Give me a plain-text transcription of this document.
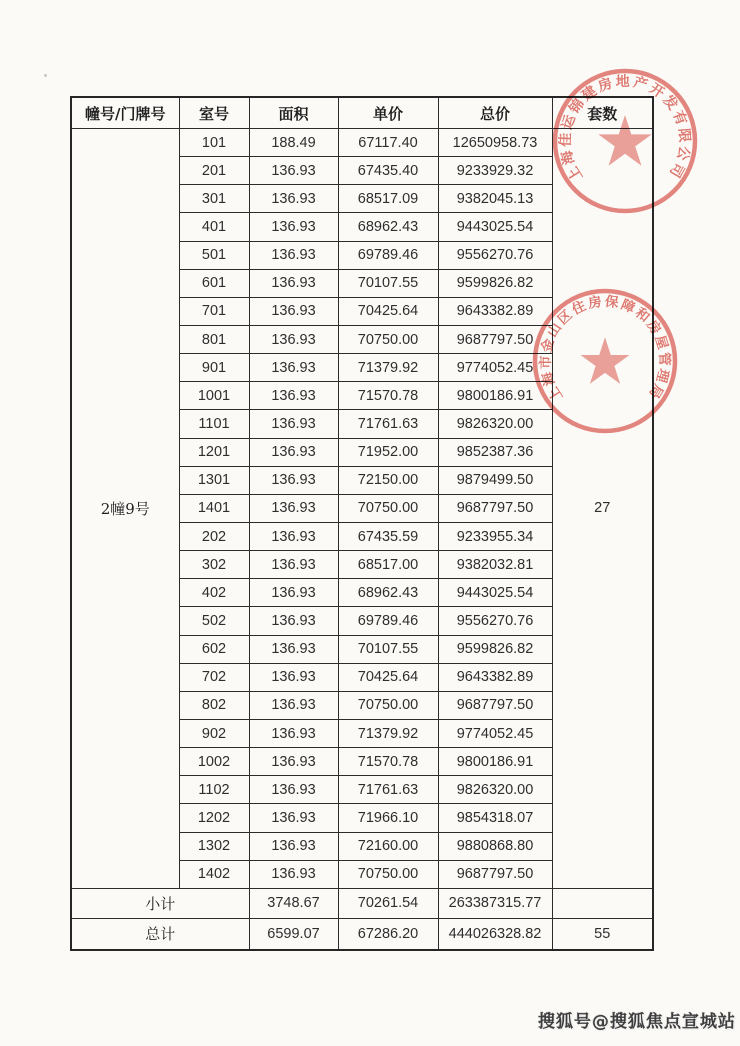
幢号/门牌号	室号	面积	单价	总价	套数
2幢9号	101	188.49	67117.40	12650958.73	27
	201	136.93	67435.40	9233929.32	
	301	136.93	68517.09	9382045.13	
	401	136.93	68962.43	9443025.54	
	501	136.93	69789.46	9556270.76	
	601	136.93	70107.55	9599826.82	
	701	136.93	70425.64	9643382.89	
	801	136.93	70750.00	9687797.50	
	901	136.93	71379.92	9774052.45	
	1001	136.93	71570.78	9800186.91	
	1101	136.93	71761.63	9826320.00	
	1201	136.93	71952.00	9852387.36	
	1301	136.93	72150.00	9879499.50	
	1401	136.93	70750.00	9687797.50	
	202	136.93	67435.59	9233955.34	
	302	136.93	68517.00	9382032.81	
	402	136.93	68962.43	9443025.54	
	502	136.93	69789.46	9556270.76	
	602	136.93	70107.55	9599826.82	
	702	136.93	70425.64	9643382.89	
	802	136.93	70750.00	9687797.50	
	902	136.93	71379.92	9774052.45	
	1002	136.93	71570.78	9800186.91	
	1102	136.93	71761.63	9826320.00	
	1202	136.93	71966.10	9854318.07	
	1302	136.93	72160.00	9880868.80	
	1402	136.93	70750.00	9687797.50	
小计		3748.67	70261.54	263387315.77	
总计		6599.07	67286.20	444026328.82	55
上海佳运锦建房地产开发有限公司
上海市金山区住房保障和房屋管理局
搜狐号@搜狐焦点宣城站
